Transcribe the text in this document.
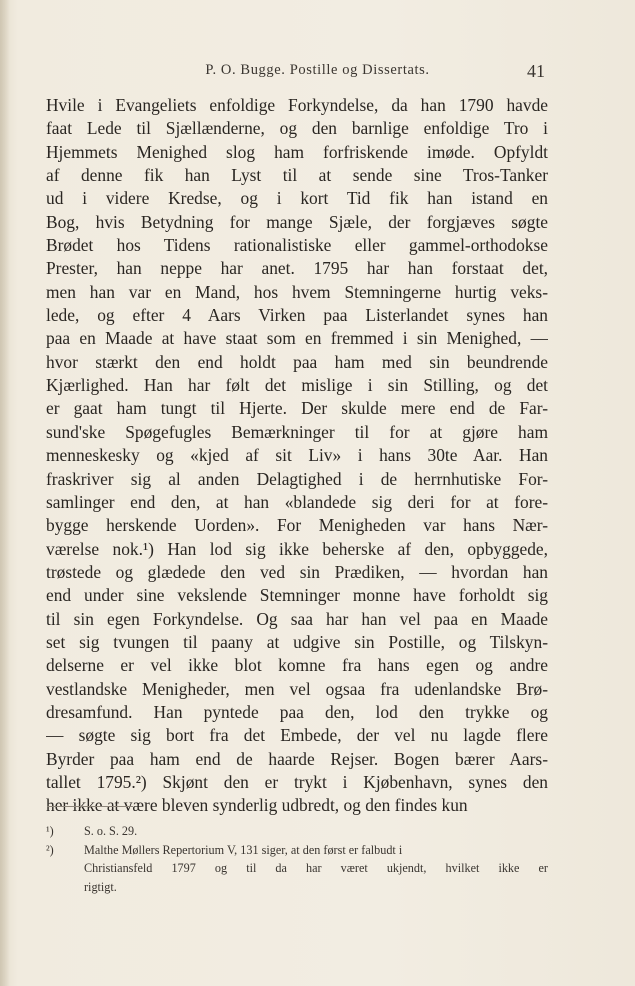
P. O. Bugge. Postille og Dissertats.	41
Hvile i Evangeliets enfoldige Forkyndelse, da han 1790 havde
faat Lede til Sjællænderne, og den barnlige enfoldige Tro i
Hjemmets Menighed slog ham forfriskende imøde. Opfyldt
af denne fik han Lyst til at sende sine Tros-Tanker
ud i videre Kredse, og i kort Tid fik han istand en
Bog, hvis Betydning for mange Sjæle, der forgjæves søgte
Brødet hos Tidens rationalistiske eller gammel-orthodokse
Prester, han neppe har anet. 1795 har han forstaat det,
men han var en Mand, hos hvem Stemningerne hurtig veks-
lede, og efter 4 Aars Virken paa Listerlandet synes han
paa en Maade at have staat som en fremmed i sin Menighed, —
hvor stærkt den end holdt paa ham med sin beundrende
Kjærlighed. Han har følt det mislige i sin Stilling, og det
er gaat ham tungt til Hjerte. Der skulde mere end de Far-
sund'ske Spøgefugles Bemærkninger til for at gjøre ham
menneskesky og «kjed af sit Liv» i hans 30te Aar. Han
fraskriver sig al anden Delagtighed i de herrnhutiske For-
samlinger end den, at han «blandede sig deri for at fore-
bygge herskende Uorden». For Menigheden var hans Nær-
værelse nok.¹) Han lod sig ikke beherske af den, opbyggede,
trøstede og glædede den ved sin Prædiken, — hvordan han
end under sine vekslende Stemninger monne have forholdt sig
til sin egen Forkyndelse. Og saa har han vel paa en Maade
set sig tvungen til paany at udgive sin Postille, og Tilskyn-
delserne er vel ikke blot komne fra hans egen og andre
vestlandske Menigheder, men vel ogsaa fra udenlandske Brø-
dresamfund. Han pyntede paa den, lod den trykke og
— søgte sig bort fra det Embede, der vel nu lagde flere
Byrder paa ham end de haarde Rejser. Bogen bærer Aars-
tallet 1795.²) Skjønt den er trykt i Kjøbenhavn, synes den
her ikke at være bleven synderlig udbredt, og den findes kun
¹) S. o. S. 29.
²) Malthe Møllers Repertorium V, 131 siger, at den først er falbudt i
Christiansfeld 1797 og til da har været ukjendt, hvilket ikke er
rigtigt.
